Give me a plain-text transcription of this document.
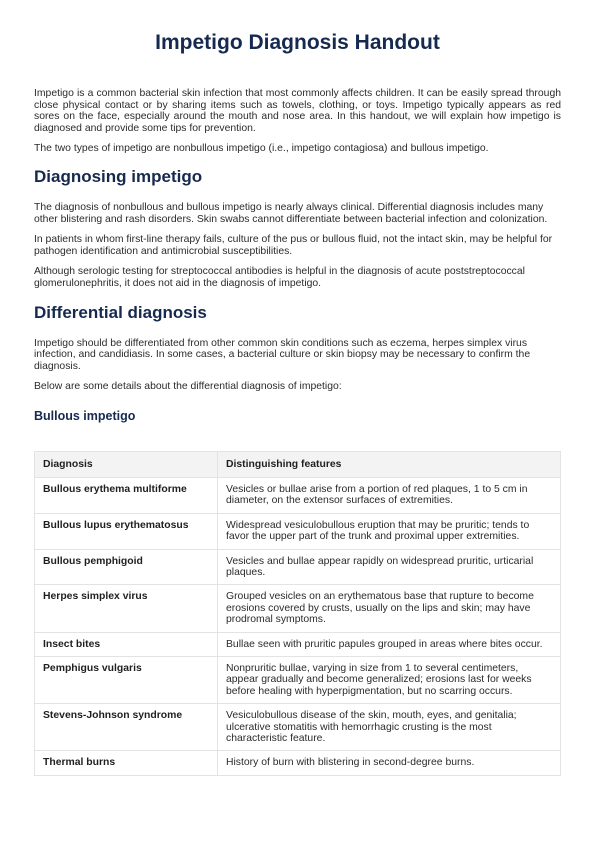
Impetigo Diagnosis Handout

Impetigo is a common bacterial skin infection that most commonly affects children. It can be easily spread through close physical contact or by sharing items such as towels, clothing, or toys. Impetigo typically appears as red sores on the face, especially around the mouth and nose area. In this handout, we will explain how impetigo is diagnosed and provide some tips for prevention.

The two types of impetigo are nonbullous impetigo (i.e., impetigo contagiosa) and bullous impetigo.

Diagnosing impetigo

The diagnosis of nonbullous and bullous impetigo is nearly always clinical. Differential diagnosis includes many other blistering and rash disorders. Skin swabs cannot differentiate between bacterial infection and colonization.

In patients in whom first-line therapy fails, culture of the pus or bullous fluid, not the intact skin, may be helpful for pathogen identification and antimicrobial susceptibilities.

Although serologic testing for streptococcal antibodies is helpful in the diagnosis of acute poststreptococcal glomerulonephritis, it does not aid in the diagnosis of impetigo.

Differential diagnosis

Impetigo should be differentiated from other common skin conditions such as eczema, herpes simplex virus infection, and candidiasis. In some cases, a bacterial culture or skin biopsy may be necessary to confirm the diagnosis.

Below are some details about the differential diagnosis of impetigo:

Bullous impetigo
Diagnosis	Distinguishing features
Bullous erythema multiforme	Vesicles or bullae arise from a portion of red plaques, 1 to 5 cm in diameter, on the extensor surfaces of extremities.
Bullous lupus erythematosus	Widespread vesiculobullous eruption that may be pruritic; tends to favor the upper part of the trunk and proximal upper extremities.
Bullous pemphigoid	Vesicles and bullae appear rapidly on widespread pruritic, urticarial plaques.
Herpes simplex virus	Grouped vesicles on an erythematous base that rupture to become erosions covered by crusts, usually on the lips and skin; may have prodromal symptoms.
Insect bites	Bullae seen with pruritic papules grouped in areas where bites occur.
Pemphigus vulgaris	Nonpruritic bullae, varying in size from 1 to several centimeters, appear gradually and become generalized; erosions last for weeks before healing with hyperpigmentation, but no scarring occurs.
Stevens-Johnson syndrome	Vesiculobullous disease of the skin, mouth, eyes, and genitalia; ulcerative stomatitis with hemorrhagic crusting is the most characteristic feature.
Thermal burns	History of burn with blistering in second-degree burns.
